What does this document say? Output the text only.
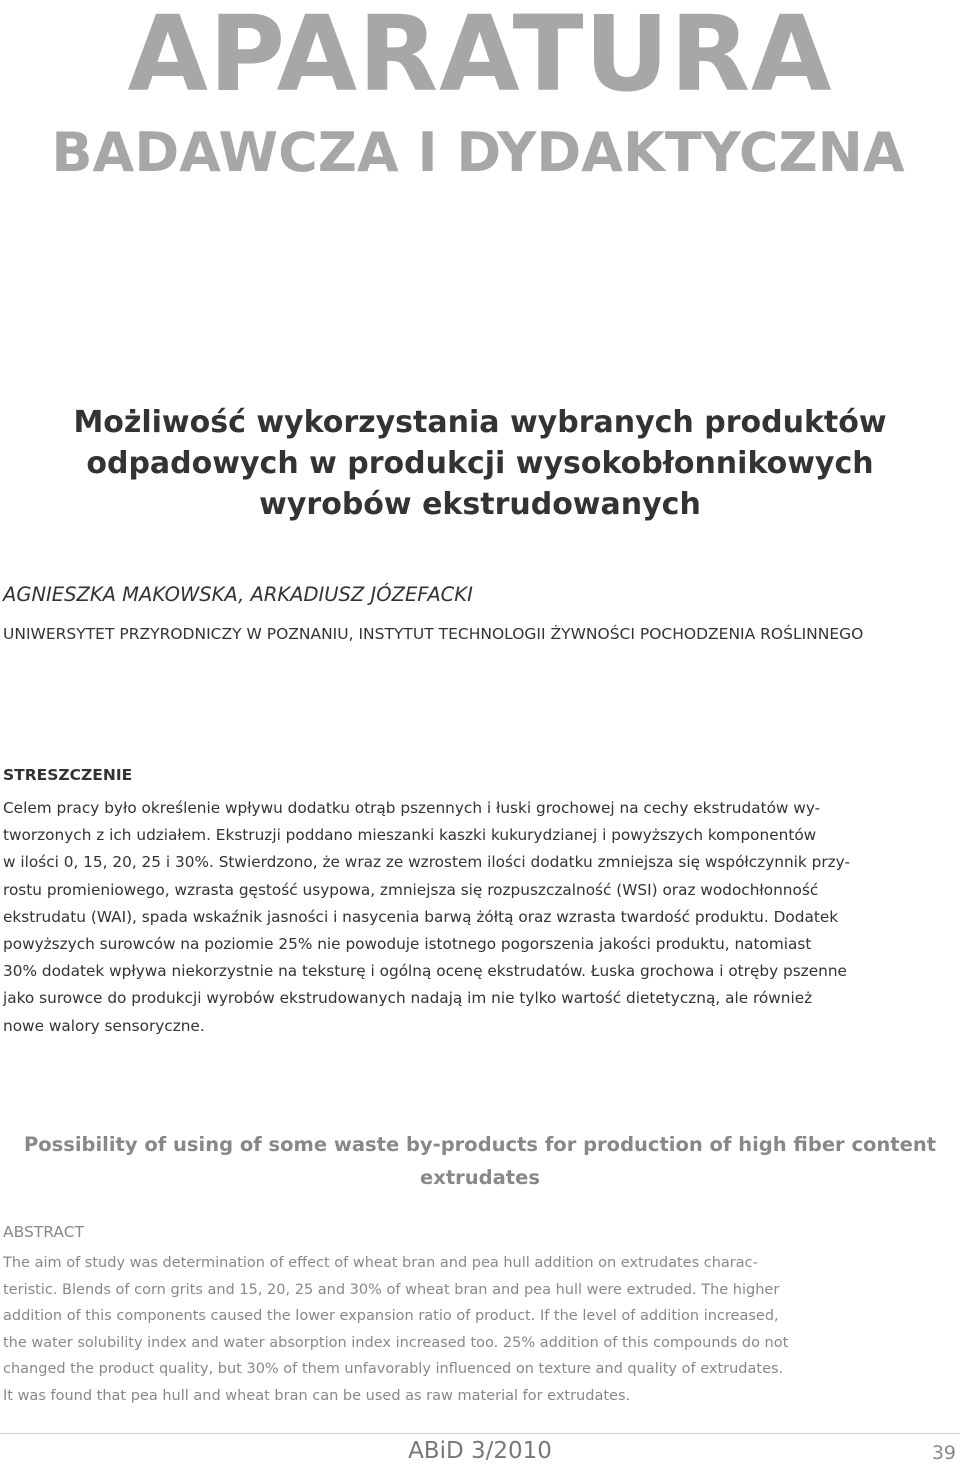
APARATURA
BADAWCZA I DYDAKTYCZNA
Możliwość wykorzystania wybranych produktów
odpadowych w produkcji wysokobłonnikowych
wyrobów ekstrudowanych
AGNIESZKA MAKOWSKA, ARKADIUSZ JÓZEFACKI
UNIWERSYTET PRZYRODNICZY W POZNANIU, INSTYTUT TECHNOLOGII ŻYWNOŚCI POCHODZENIA ROŚLINNEGO
STRESZCZENIE
Celem pracy było określenie wpływu dodatku otrąb pszennych i łuski grochowej na cechy ekstrudatów wy-
tworzonych z ich udziałem. Ekstruzji poddano mieszanki kaszki kukurydzianej i powyższych komponentów
w ilości 0, 15, 20, 25 i 30%. Stwierdzono, że wraz ze wzrostem ilości dodatku zmniejsza się współczynnik przy-
rostu promieniowego, wzrasta gęstość usypowa, zmniejsza się rozpuszczalność (WSI) oraz wodochłonność
ekstrudatu (WAI), spada wskaźnik jasności i nasycenia barwą żółtą oraz wzrasta twardość produktu. Dodatek
powyższych surowców na poziomie 25% nie powoduje istotnego pogorszenia jakości produktu, natomiast
30% dodatek wpływa niekorzystnie na teksturę i ogólną ocenę ekstrudatów. Łuska grochowa i otręby pszenne
jako surowce do produkcji wyrobów ekstrudowanych nadają im nie tylko wartość dietetyczną, ale również
nowe walory sensoryczne.
Possibility of using of some waste by-products for production of high fiber content
extrudates
ABSTRACT
The aim of study was determination of effect of wheat bran and pea hull addition on extrudates charac-
teristic. Blends of corn grits and 15, 20, 25 and 30% of wheat bran and pea hull were extruded. The higher
addition of this components caused the lower expansion ratio of product. If the level of addition increased,
the water solubility index and water absorption index increased too. 25% addition of this compounds do not
changed the product quality, but 30% of them unfavorably influenced on texture and quality of extrudates.
It was found that pea hull and wheat bran can be used as raw material for extrudates.
ABiD 3/2010	39
